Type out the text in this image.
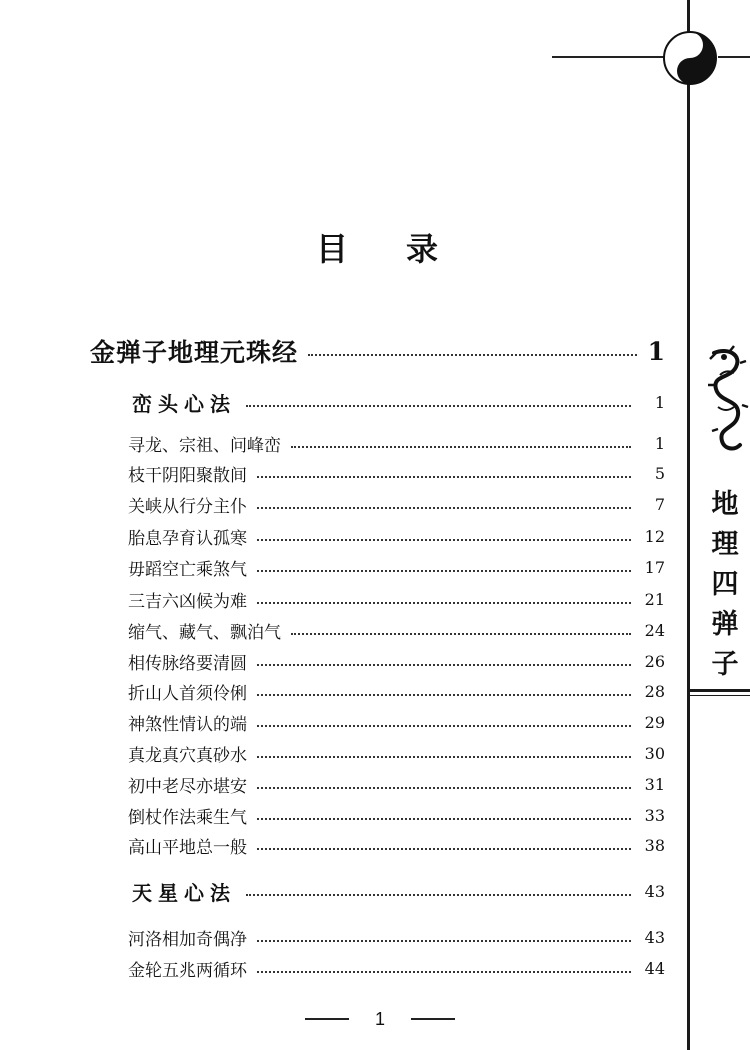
地
理
四
弹
子
目录
金弹子地理元珠经	1
峦头心法	1
寻龙、宗祖、问峰峦	1
枝干阴阳聚散间	5
关峡从行分主仆	7
胎息孕育认孤寒	12
毋蹈空亡乘煞气	17
三吉六凶候为难	21
缩气、藏气、飘泊气	24
相传脉络要清圆	26
折山人首须伶俐	28
神煞性情认的端	29
真龙真穴真砂水	30
初中老尽亦堪安	31
倒杖作法乘生气	33
高山平地总一般	38
天星心法	43
河洛相加奇偶净	43
金轮五兆两循环	44
1
